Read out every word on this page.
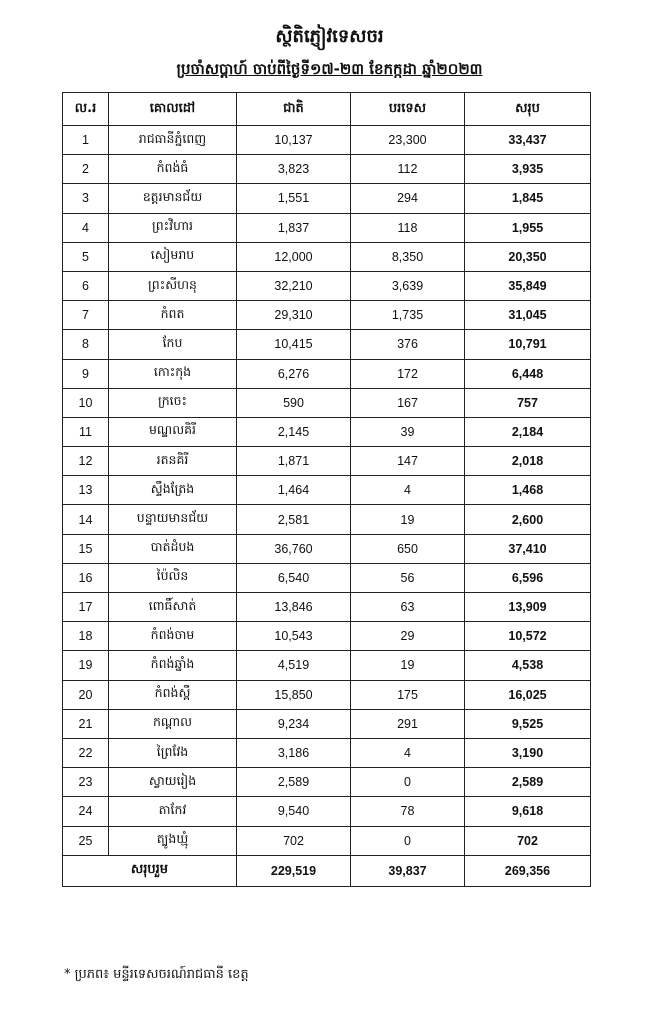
ស្ថិតិភ្ញៀវទេសចរ
ប្រចាំសប្តាហ៍ ចាប់ពីថ្ងៃទី១៧-២៣ ខែកក្កដា ឆ្នាំ២០២៣
ល.រ	គោលដៅ	ជាតិ	បរទេស	សរុប
1	រាជធានីភ្នំពេញ	10,137	23,300	33,437
2	កំពង់ធំ	3,823	112	3,935
3	ឧត្តរមានជ័យ	1,551	294	1,845
4	ព្រះវិហារ	1,837	118	1,955
5	សៀមរាប	12,000	8,350	20,350
6	ព្រះសីហនុ	32,210	3,639	35,849
7	កំពត	29,310	1,735	31,045
8	កែប	10,415	376	10,791
9	កោះកុង	6,276	172	6,448
10	ក្រចេះ	590	167	757
11	មណ្ឌលគិរី	2,145	39	2,184
12	រតនគិរី	1,871	147	2,018
13	ស្ទឹងត្រែង	1,464	4	1,468
14	បន្ទាយមានជ័យ	2,581	19	2,600
15	បាត់ដំបង	36,760	650	37,410
16	ប៉ៃលិន	6,540	56	6,596
17	ពោធិ៍សាត់	13,846	63	13,909
18	កំពង់ចាម	10,543	29	10,572
19	កំពង់ឆ្នាំង	4,519	19	4,538
20	កំពង់ស្ពឺ	15,850	175	16,025
21	កណ្តាល	9,234	291	9,525
22	ព្រៃវែង	3,186	4	3,190
23	ស្វាយរៀង	2,589	0	2,589
24	តាកែវ	9,540	78	9,618
25	ត្បូងឃ្មុំ	702	0	702
សរុបរួម		229,519	39,837	269,356
* ប្រភព៖ មន្ទីរទេសចរណ៍រាជធានី ខេត្ត
